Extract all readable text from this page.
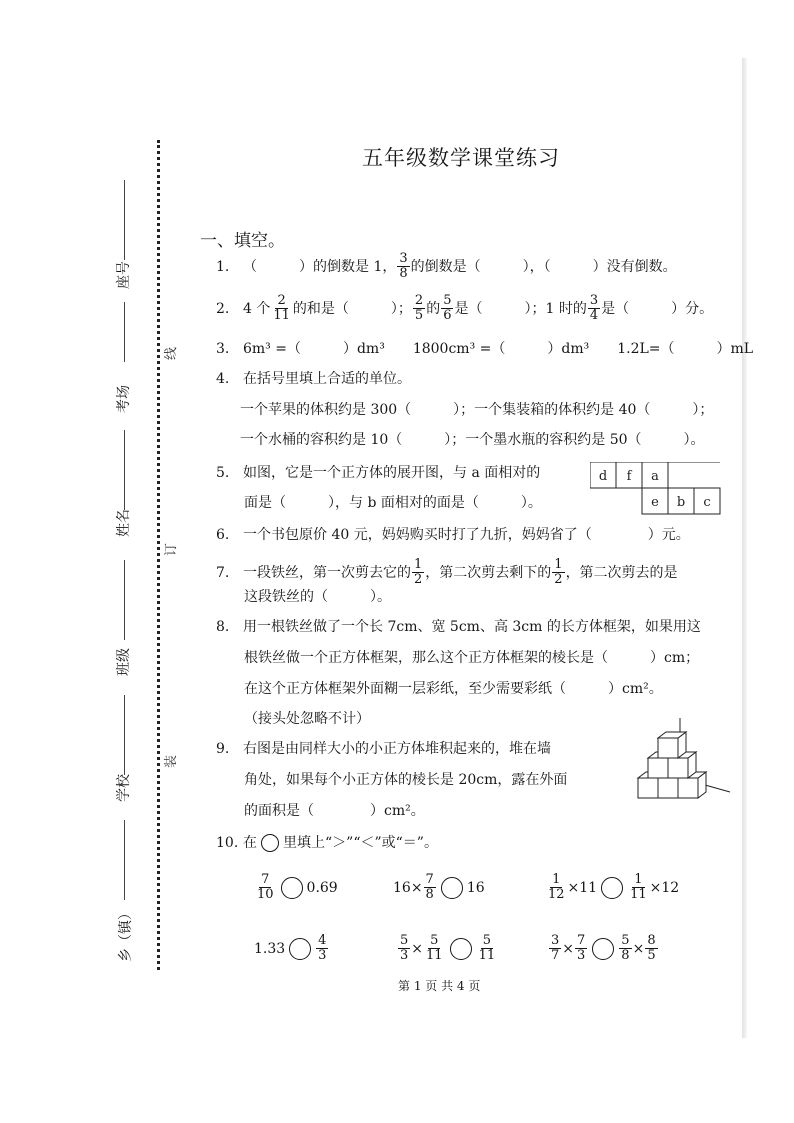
座号
考场
姓名
班级
学校
乡（镇）
线
订
装
五年级数学课堂练习
一、填空。
1. （　　　）的倒数是 1， $\frac{3}{8}$ 的倒数是（　　　），（　　　）没有倒数。
2. 4 个 $\frac{2}{11}$ 的和是（　　　）； $\frac{2}{5}$ 的 $\frac{5}{6}$ 是（　　　）；1 时的 $\frac{3}{4}$ 是（　　　）分。
3. 6m³ =（　　　）dm³　　1800cm³ =（　　　）dm³　　1.2L=（　　　）mL
4. 在括号里填上合适的单位。
一个苹果的体积约是 300（　　　）；一个集装箱的体积约是 40（　　　）；
一个水桶的容积约是 10（　　　）；一个墨水瓶的容积约是 50（　　　）。
5. 如图，它是一个正方体的展开图，与 a 面相对的
面是（　　　），与 b 面相对的面是（　　　）。
d f a
e b c
6. 一个书包原价 40 元，妈妈购买时打了九折，妈妈省了（　　　　）元。
7. 一段铁丝，第一次剪去它的 $\frac{1}{2}$ ，第二次剪去剩下的 $\frac{1}{2}$ ，第二次剪去的是
这段铁丝的（　　　）。
8. 用一根铁丝做了一个长 7cm、宽 5cm、高 3cm 的长方体框架，如果用这
根铁丝做一个正方体框架，那么这个正方体框架的棱长是（　　　）cm；
在这个正方体框架外面糊一层彩纸，至少需要彩纸（　　　）cm²。
（接头处忽略不计）
9. 右图是由同样大小的小正方体堆积起来的，堆在墙
角处，如果每个小正方体的棱长是 20cm，露在外面
的面积是（　　　　）cm²。
10. 在 里填上“＞”“＜”或“＝”。
$\frac{7}{10} 0.69$	$16\times \frac{7}{8} 16$	$\frac{1}{12} \times 11 \frac{1}{11} \times 12$
$1.33 \frac{4}{3}$	$\frac{5}{3} \times \frac{5}{11} \frac{5}{11}$	$\frac{3}{7} \times \frac{7}{3} \frac{5}{8} \times \frac{8}{5}$
第 1 页 共 4 页
